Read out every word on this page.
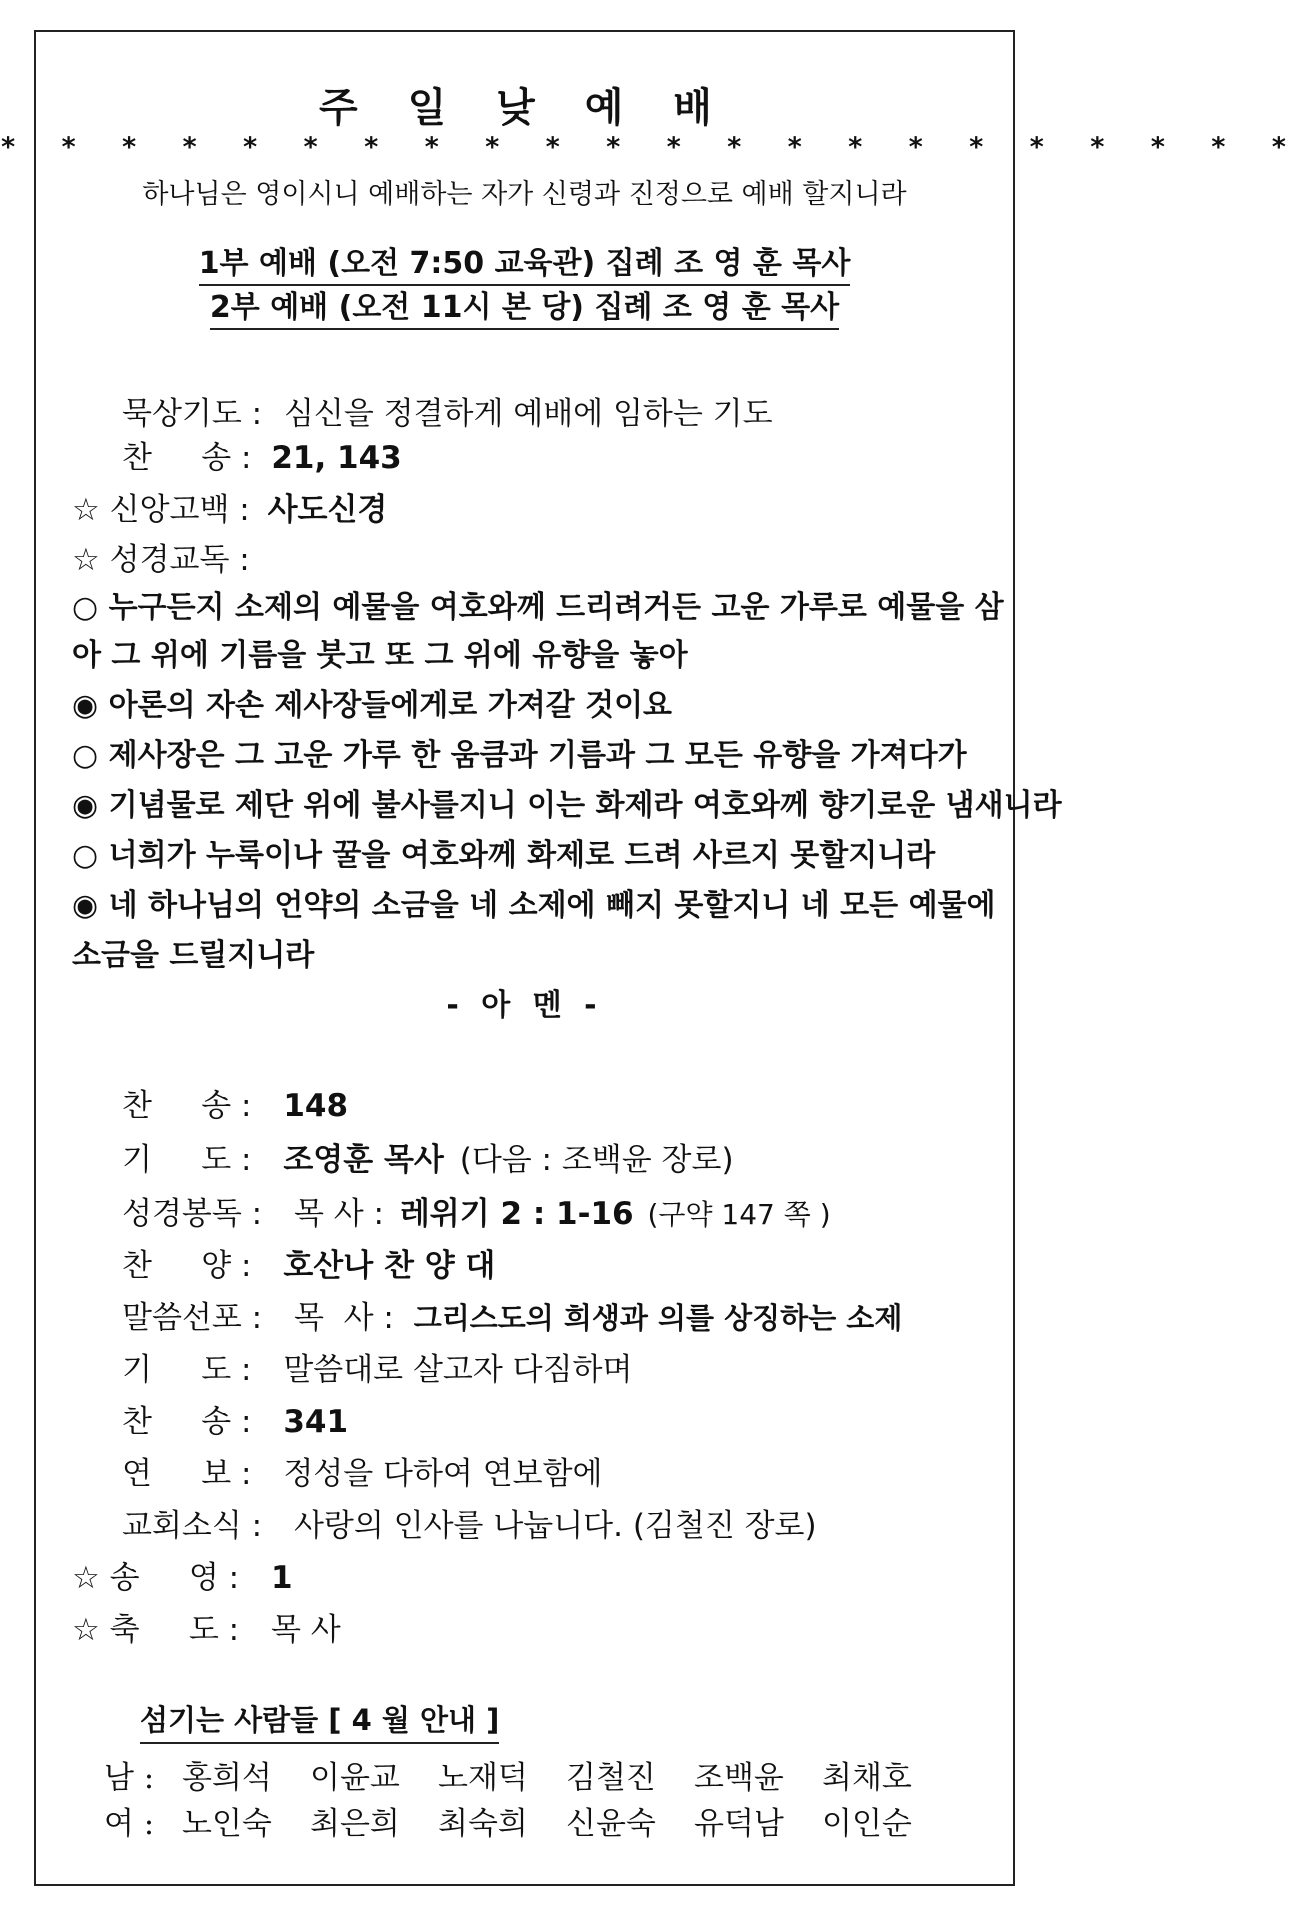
주 일 낮 예 배
* * * * * * * * * * * * * * * * * * * * * *
하나님은 영이시니 예배하는 자가 신령과 진정으로 예배 할지니라
1부 예배 (오전 7:50 교육관) 집례 조 영 훈 목사
2부 예배 (오전 11시 본 당) 집례 조 영 훈 목사
묵상기도 : 심신을 정결하게 예배에 임하는 기도
찬     송 : 21, 143
☆ 신앙고백 : 사도신경
☆ 성경교독 :
○ 누구든지 소제의 예물을 여호와께 드리려거든 고운 가루로 예물을 삼
아 그 위에 기름을 붓고 또 그 위에 유향을 놓아
◉ 아론의 자손 제사장들에게로 가져갈 것이요
○ 제사장은 그 고운 가루 한 움큼과 기름과 그 모든 유향을 가져다가
◉ 기념물로 제단 위에 불사를지니 이는 화제라 여호와께 향기로운 냄새니라
○ 너희가 누룩이나 꿀을 여호와께 화제로 드려 사르지 못할지니라
◉ 네 하나님의 언약의 소금을 네 소제에 빼지 못할지니 네 모든 예물에
소금을 드릴지니라
- 아 멘 -
찬     송 : 148
기     도 : 조영훈 목사 (다음 : 조백윤 장로)
성경봉독 : 목 사 : 레위기 2 : 1-16 (구약 147 쪽 )
찬     양 : 호산나 찬 양 대
말씀선포 : 목  사 : 그리스도의 희생과 의를 상징하는 소제
기     도 : 말씀대로 살고자 다짐하며
찬     송 : 341
연     보 : 정성을 다하여 연보함에
교회소식 : 사랑의 인사를 나눕니다. (김철진 장로)
☆ 송     영 : 1
☆ 축     도 : 목 사
섬기는 사람들 [ 4 월 안내 ]
남 : 홍희석 이윤교 노재덕 김철진 조백윤 최채호
여 : 노인숙 최은희 최숙희 신윤숙 유덕남 이인순
